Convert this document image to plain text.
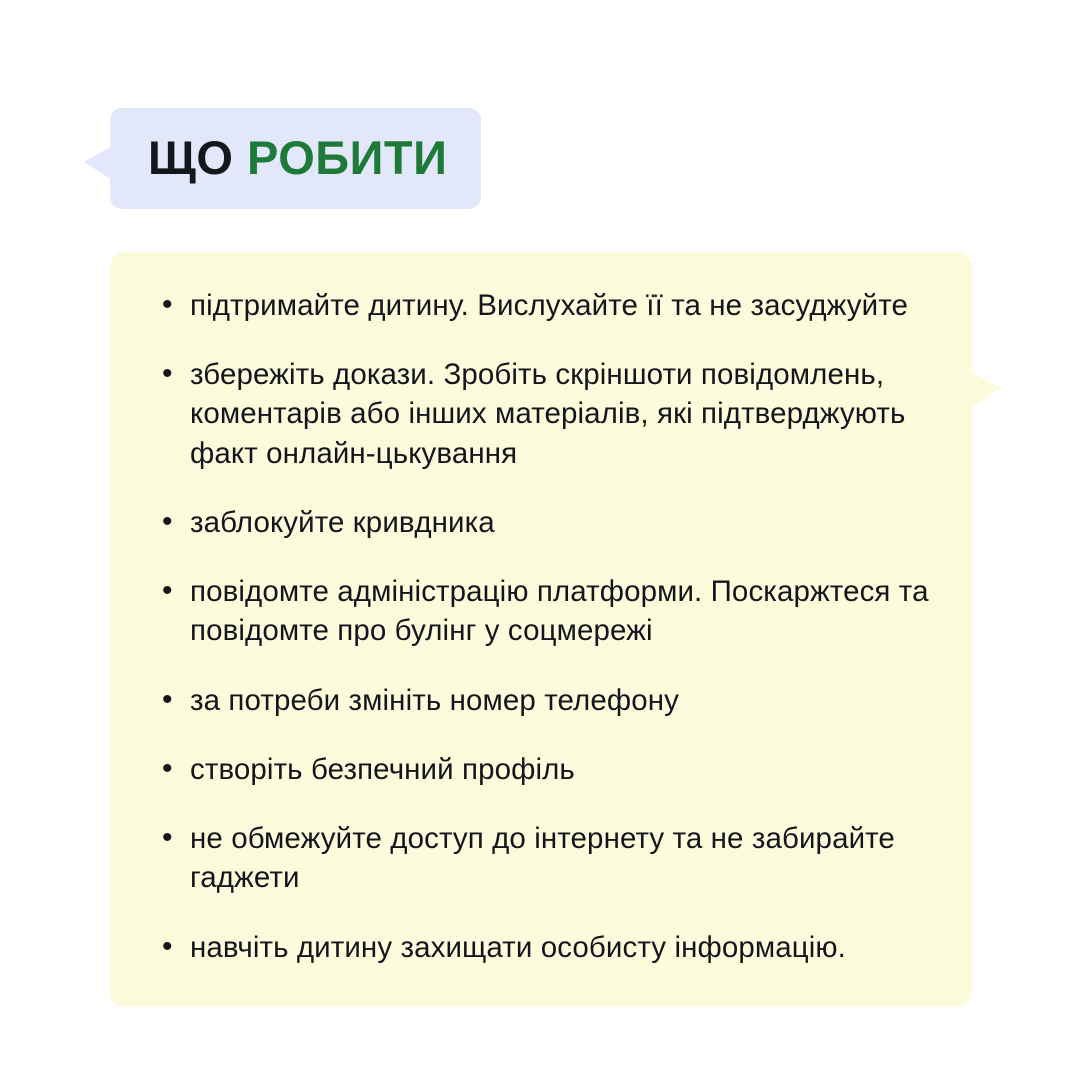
ЩО РОБИТИ
• підтримайте дитину. Вислухайте її та не засуджуйте
• збережіть докази. Зробіть скріншоти повідомлень, коментарів або інших матеріалів, які підтверджують факт онлайн-цькування
• заблокуйте кривдника
• повідомте адміністрацію платформи. Поскаржтеся та повідомте про булінг у соцмережі
• за потреби змініть номер телефону
• створіть безпечний профіль
• не обмежуйте доступ до інтернету та не забирайте гаджети
• навчіть дитину захищати особисту інформацію.
